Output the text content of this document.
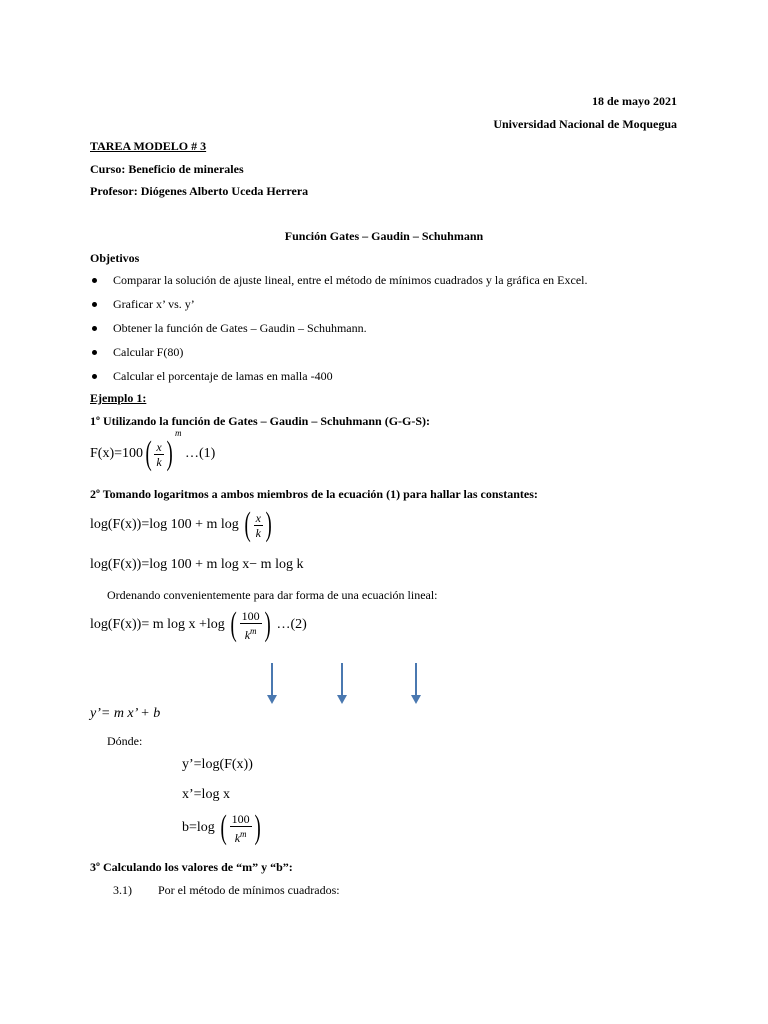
18 de mayo 2021
Universidad Nacional de Moquegua
TAREA MODELO # 3
Curso: Beneficio de minerales
Profesor: Diógenes Alberto Uceda Herrera
Función Gates – Gaudin – Schuhmann
Objetivos
Comparar la solución de ajuste lineal, entre el método de mínimos cuadrados y la gráfica en Excel.
Graficar x’ vs. y’
Obtener la función de Gates – Gaudin – Schuhmann.
Calcular F(80)
Calcular el porcentaje de lamas en malla -400
Ejemplo 1:
1º Utilizando la función de Gates – Gaudin – Schuhmann (G-G-S):
$F(x)=100( \frac{x}{k} )^m$ …(1)
2º Tomando logaritmos a ambos miembros de la ecuación (1) para hallar las constantes:
log(F(x))=log 100 + m log ( $\frac{x}{k}$ )
log(F(x))=log 100 + m log x− m log k
Ordenando convenientemente para dar forma de una ecuación lineal:
log(F(x))= m log x +log ( $\frac{100}{k^m}$ ) …(2)
y’= m x’ + b
Dónde:
y’=log(F(x))
x’=log x
b=log ( $\frac{100}{k^m}$ )
3º Calculando los valores de “m” y “b”:
3.1) Por el método de mínimos cuadrados:
